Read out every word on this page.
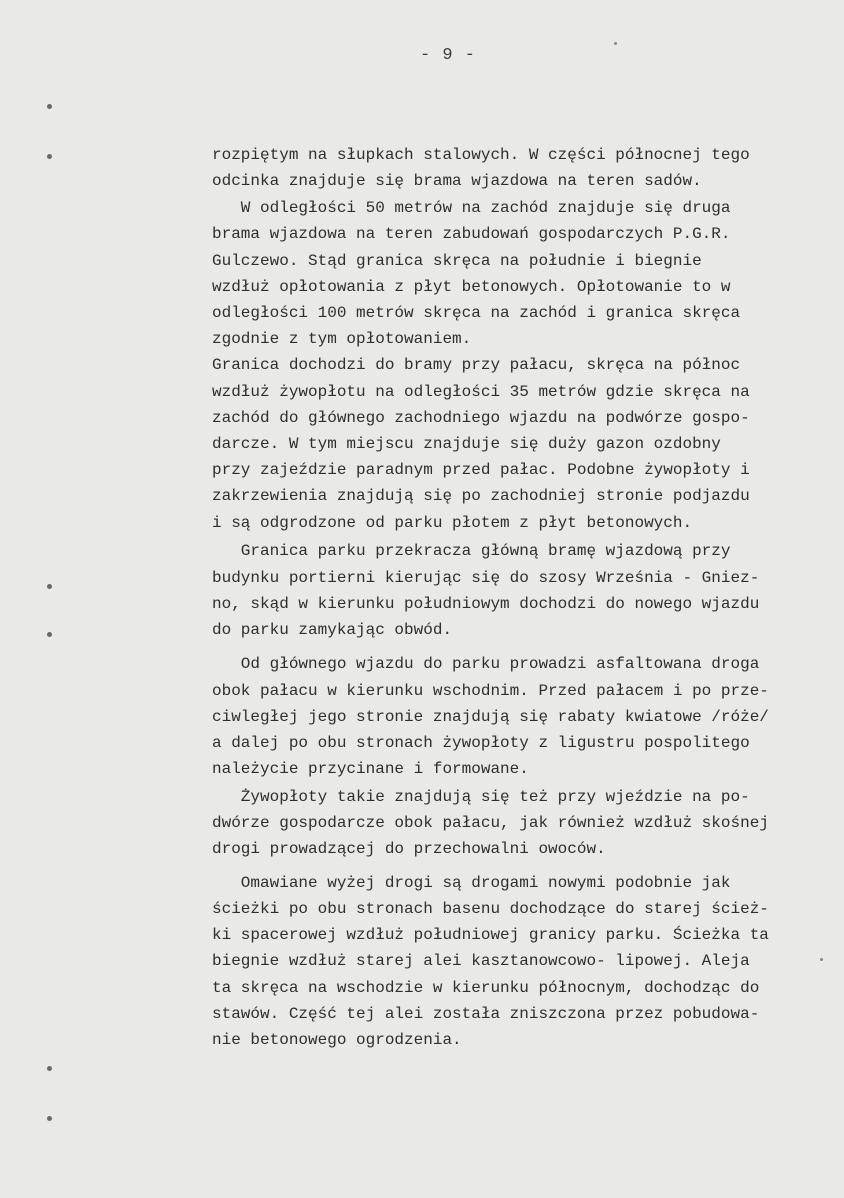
- 9 -

rozpiętym na słupkach stalowych. W części północnej tego

odcinka znajduje się brama wjazdowa na teren sadów.

W odległości 50 metrów na zachód znajduje się druga

brama wjazdowa na teren zabudowań gospodarczych P.G.R.

Gulczewo. Stąd granica skręca na południe i biegnie

wzdłuż opłotowania z płyt betonowych. Opłotowanie to w

odległości 100 metrów skręca na zachód i granica skręca

zgodnie z tym opłotowaniem.

Granica dochodzi do bramy przy pałacu, skręca na północ

wzdłuż żywopłotu na odległości 35 metrów gdzie skręca na

zachód do głównego zachodniego wjazdu na podwórze gospo-

darcze. W tym miejscu znajduje się duży gazon ozdobny

przy zajeździe paradnym przed pałac. Podobne żywopłoty i

zakrzewienia znajdują się po zachodniej stronie podjazdu

i są odgrodzone od parku płotem z płyt betonowych.

Granica parku przekracza główną bramę wjazdową przy

budynku portierni kierując się do szosy Września - Gniez-

no, skąd w kierunku południowym dochodzi do nowego wjazdu

do parku zamykając obwód.

Od głównego wjazdu do parku prowadzi asfaltowana droga

obok pałacu w kierunku wschodnim. Przed pałacem i po prze-

ciwległej jego stronie znajdują się rabaty kwiatowe /róże/

a dalej po obu stronach żywopłoty z ligustru pospolitego

należycie przycinane i formowane.

Żywopłoty takie znajdują się też przy wjeździe na po-

dwórze gospodarcze obok pałacu, jak również wzdłuż skośnej

drogi prowadzącej do przechowalni owoców.

Omawiane wyżej drogi są drogami nowymi podobnie jak

ścieżki po obu stronach basenu dochodzące do starej ścież-

ki spacerowej wzdłuż południowej granicy parku. Ścieżka ta

biegnie wzdłuż starej alei kasztanowcowo- lipowej. Aleja

ta skręca na wschodzie w kierunku północnym, dochodząc do

stawów. Część tej alei została zniszczona przez pobudowa-

nie betonowego ogrodzenia.
